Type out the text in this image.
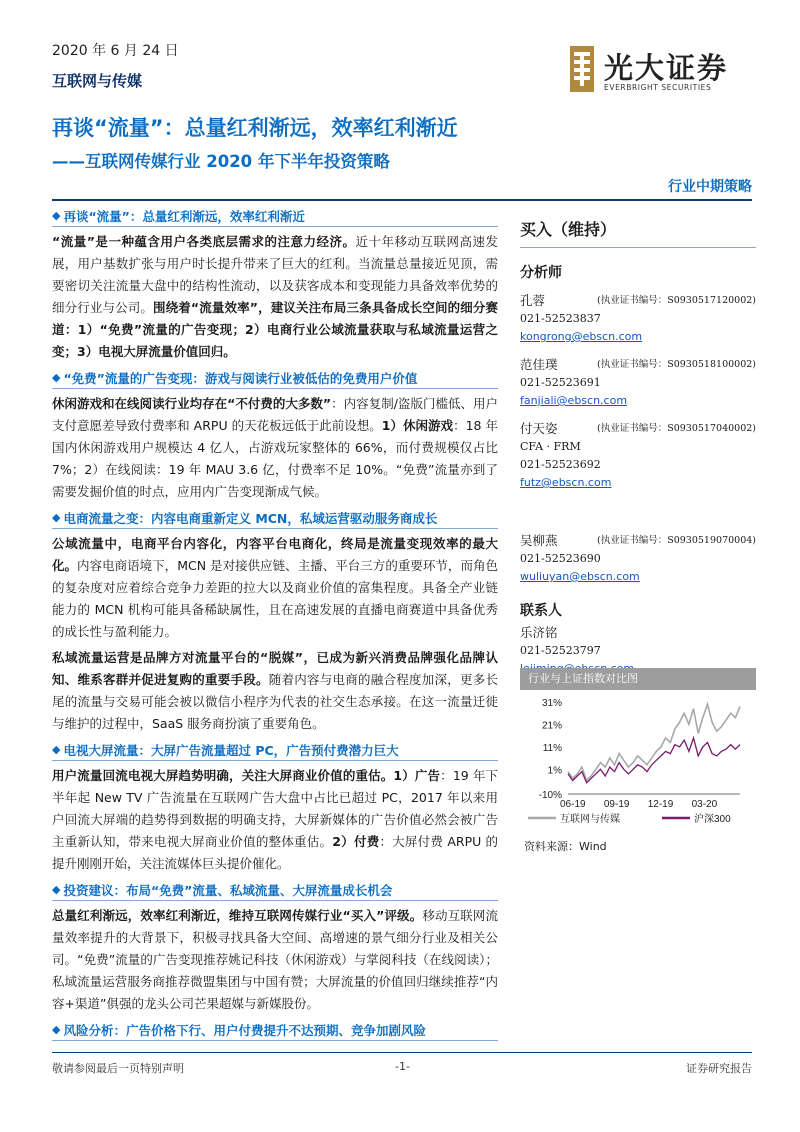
2020 年 6 月 24 日
互联网与传媒	光大证券
EVERBRIGHT SECURITIES
再谈“流量”：总量红利渐远，效率红利渐近
——互联网传媒行业 2020 年下半年投资策略
行业中期策略
◆ 再谈“流量”：总量红利渐远，效率红利渐近
“流量”是一种蕴含用户各类底层需求的注意力经济。近十年移动互联网高速发展，用户基数扩张与用户时长提升带来了巨大的红利。当流量总量接近见顶，需要密切关注流量大盘中的结构性流动，以及获客成本和变现能力具备效率优势的细分行业与公司。围绕着“流量效率”，建议关注布局三条具备成长空间的细分赛道：1）“免费”流量的广告变现；2）电商行业公域流量获取与私域流量运营之变；3）电视大屏流量价值回归。
◆ “免费”流量的广告变现：游戏与阅读行业被低估的免费用户价值
休闲游戏和在线阅读行业均存在“不付费的大多数”：内容复制/盗版门槛低、用户支付意愿差导致付费率和 ARPU 的天花板远低于此前设想。1）休闲游戏：18 年国内休闲游戏用户规模达 4 亿人，占游戏玩家整体的 66%，而付费规模仅占比 7%；2）在线阅读：19 年 MAU 3.6 亿，付费率不足 10%。“免费”流量亦到了需要发掘价值的时点，应用内广告变现渐成气候。
◆ 电商流量之变：内容电商重新定义 MCN，私域运营驱动服务商成长
公域流量中，电商平台内容化，内容平台电商化，终局是流量变现效率的最大化。内容电商语境下，MCN 是对接供应链、主播、平台三方的重要环节，而角色的复杂度对应着综合竞争力差距的拉大以及商业价值的富集程度。具备全产业链能力的 MCN 机构可能具备稀缺属性，且在高速发展的直播电商赛道中具备优秀的成长性与盈利能力。
私域流量运营是品牌方对流量平台的“脱媒”，已成为新兴消费品牌强化品牌认知、维系客群并促进复购的重要手段。随着内容与电商的融合程度加深，更多长尾的流量与交易可能会被以微信小程序为代表的社交生态承接。在这一流量迁徙与维护的过程中，SaaS 服务商扮演了重要角色。
◆ 电视大屏流量：大屏广告流量超过 PC，广告预付费潜力巨大
用户流量回流电视大屏趋势明确，关注大屏商业价值的重估。1）广告：19 年下半年起 New TV 广告流量在互联网广告大盘中占比已超过 PC，2017 年以来用户回流大屏端的趋势得到数据的明确支持，大屏新媒体的广告价值必然会被广告主重新认知，带来电视大屏商业价值的整体重估。2）付费：大屏付费 ARPU 的提升刚刚开始，关注流媒体巨头提价催化。
◆ 投资建议：布局“免费”流量、私域流量、大屏流量成长机会
总量红利渐远，效率红利渐近，维持互联网传媒行业“买入”评级。移动互联网流量效率提升的大背景下，积极寻找具备大空间、高增速的景气细分行业及相关公司。“免费”流量的广告变现推荐姚记科技（休闲游戏）与掌阅科技（在线阅读）；私域流量运营服务商推荐微盟集团与中国有赞；大屏流量的价值回归继续推荐“内容+渠道”俱强的龙头公司芒果超媒与新媒股份。
◆ 风险分析：广告价格下行、用户付费提升不达预期、竞争加剧风险
买入（维持）
分析师
孔蓉	(执业证书编号：S0930517120002)
021-52523837
kongrong@ebscn.com
范佳璞	(执业证书编号：S0930518100002)
021-52523691
fanjiali@ebscn.com
付天姿	(执业证书编号：S0930517040002)
CFA · FRM
021-52523692
futz@ebscn.com
吴柳燕	(执业证书编号：S0930519070004)
021-52523690
wuliuyan@ebscn.com
联系人
乐济铭
021-52523797
行业与上证指数对比图
31%
21%
11%
1%
-10%
06-19 09-19 12-19 03-20
互联网与传媒	沪深300
资料来源：Wind
敬请参阅最后一页特别声明	-1-	证券研究报告
